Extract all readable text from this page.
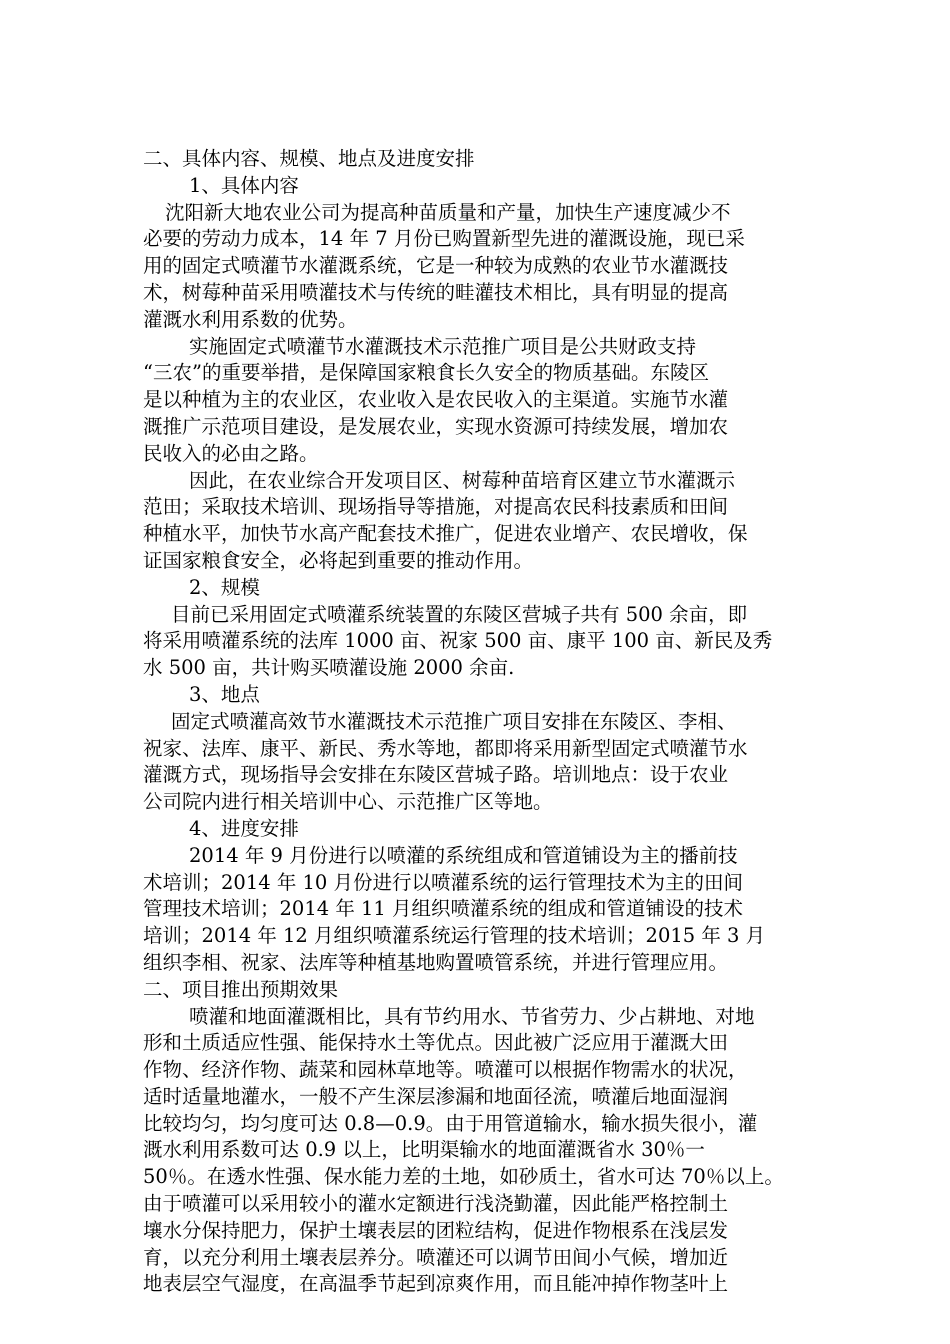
二、具体内容、规模、地点及进度安排
1、具体内容
沈阳新大地农业公司为提高种苗质量和产量，加快生产速度减少不
必要的劳动力成本，14 年 7 月份已购置新型先进的灌溉设施，现已采
用的固定式喷灌节水灌溉系统，它是一种较为成熟的农业节水灌溉技
术，树莓种苗采用喷灌技术与传统的畦灌技术相比，具有明显的提高
灌溉水利用系数的优势。
实施固定式喷灌节水灌溉技术示范推广项目是公共财政支持
“三农”的重要举措，是保障国家粮食长久安全的物质基础。东陵区
是以种植为主的农业区，农业收入是农民收入的主渠道。实施节水灌
溉推广示范项目建设，是发展农业，实现水资源可持续发展，增加农
民收入的必由之路。
因此，在农业综合开发项目区、树莓种苗培育区建立节水灌溉示
范田；采取技术培训、现场指导等措施，对提高农民科技素质和田间
种植水平，加快节水高产配套技术推广，促进农业增产、农民增收，保
证国家粮食安全，必将起到重要的推动作用。
2、规模
目前已采用固定式喷灌系统装置的东陵区营城子共有 500 余亩，即
将采用喷灌系统的法库 1000 亩、祝家 500 亩、康平 100 亩、新民及秀
水 500 亩，共计购买喷灌设施 2000 余亩.
3、地点
固定式喷灌高效节水灌溉技术示范推广项目安排在东陵区、李相、
祝家、法库、康平、新民、秀水等地，都即将采用新型固定式喷灌节水
灌溉方式，现场指导会安排在东陵区营城子路。培训地点：设于农业
公司院内进行相关培训中心、示范推广区等地。
4、进度安排
2014 年 9 月份进行以喷灌的系统组成和管道铺设为主的播前技
术培训；2014 年 10 月份进行以喷灌系统的运行管理技术为主的田间
管理技术培训；2014 年 11 月组织喷灌系统的组成和管道铺设的技术
培训；2014 年 12 月组织喷灌系统运行管理的技术培训；2015 年 3 月
组织李相、祝家、法库等种植基地购置喷管系统，并进行管理应用。
二、项目推出预期效果
喷灌和地面灌溉相比，具有节约用水、节省劳力、少占耕地、对地
形和土质适应性强、能保持水土等优点。因此被广泛应用于灌溉大田
作物、经济作物、蔬菜和园林草地等。喷灌可以根据作物需水的状况，
适时适量地灌水，一般不产生深层渗漏和地面径流，喷灌后地面湿润
比较均匀，均匀度可达 0.8—0.9。由于用管道输水，输水损失很小，灌
溉水利用系数可达 0.9 以上，比明渠输水的地面灌溉省水 30％一
50％。在透水性强、保水能力差的土地，如砂质土，省水可达 70％以上。
由于喷灌可以采用较小的灌水定额进行浅浇勤灌，因此能严格控制土
壤水分保持肥力，保护土壤表层的团粒结构，促进作物根系在浅层发
育，以充分利用土壤表层养分。喷灌还可以调节田间小气候，增加近
地表层空气湿度，在高温季节起到凉爽作用，而且能冲掉作物茎叶上
